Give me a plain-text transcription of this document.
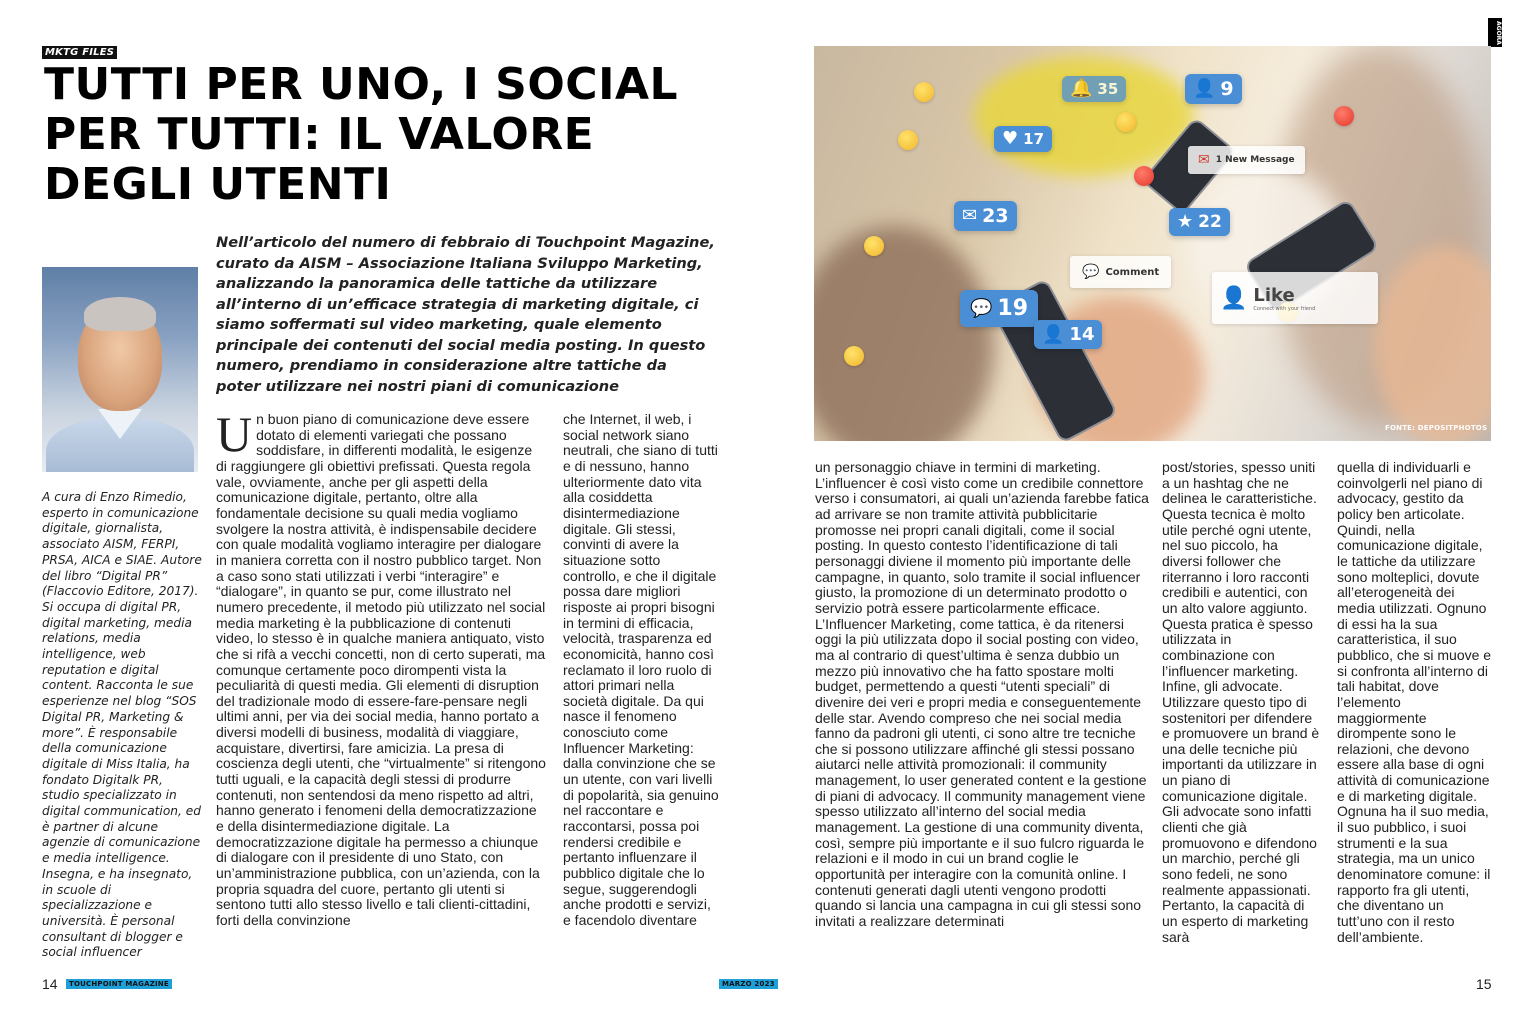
MKTG FILES
TUTTI PER UNO, I SOCIAL PER TUTTI: IL VALORE DEGLI UTENTI

Nell’articolo del numero di febbraio di Touchpoint Magazine, curato da AISM – Associazione Italiana Sviluppo Marketing, analizzando la panoramica delle tattiche da utilizzare all’interno di un’efficace strategia di marketing digitale, ci siamo soffermati sul video marketing, quale elemento principale dei contenuti del social media posting. In questo numero, prendiamo in considerazione altre tattiche da poter utilizzare nei nostri piani di comunicazione

A cura di Enzo Rimedio, esperto in comunicazione digitale, giornalista, associato AISM, FERPI, PRSA, AICA e SIAE. Autore del libro “Digital PR” (Flaccovio Editore, 2017). Si occupa di digital PR, digital marketing, media relations, media intelligence, web reputation e digital content. Racconta le sue esperienze nel blog “SOS Digital PR, Marketing & more”. È responsabile della comunicazione digitale di Miss Italia, ha fondato Digitalk PR, studio specializzato in digital communication, ed è partner di alcune agenzie di comunicazione e media intelligence. Insegna, e ha insegnato, in scuole di specializzazione e università. È personal consultant di blogger e social influencer

Un buon piano di comunicazione deve essere dotato di elementi variegati che possano soddisfare, in differenti modalità, le esigenze di raggiungere gli obiettivi prefissati. Questa regola vale, ovviamente, anche per gli aspetti della comunicazione digitale, pertanto, oltre alla fondamentale decisione su quali media vogliamo svolgere la nostra attività, è indispensabile decidere con quale modalità vogliamo interagire per dialogare in maniera corretta con il nostro pubblico target. Non a caso sono stati utilizzati i verbi “interagire” e “dialogare”, in quanto se pur, come illustrato nel numero precedente, il metodo più utilizzato nel social media marketing è la pubblicazione di contenuti video, lo stesso è in qualche maniera antiquato, visto che si rifà a vecchi concetti, non di certo superati, ma comunque certamente poco dirompenti vista la peculiarità di questi media. Gli elementi di disruption del tradizionale modo di essere-fare-pensare negli ultimi anni, per via dei social media, hanno portato a diversi modelli di business, modalità di viaggiare, acquistare, divertirsi, fare amicizia. La presa di coscienza degli utenti, che “virtualmente” si ritengono tutti uguali, e la capacità degli stessi di produrre contenuti, non sentendosi da meno rispetto ad altri, hanno generato i fenomeni della democratizzazione e della disintermediazione digitale. La democratizzazione digitale ha permesso a chiunque di dialogare con il presidente di uno Stato, con un’amministrazione pubblica, con un’azienda, con la propria squadra del cuore, pertanto gli utenti si sentono tutti allo stesso livello e tali clienti-cittadini, forti della convinzione

che Internet, il web, i social network siano neutrali, che siano di tutti e di nessuno, hanno ulteriormente dato vita alla cosiddetta disintermediazione digitale. Gli stessi, convinti di avere la situazione sotto controllo, e che il digitale possa dare migliori risposte ai propri bisogni in termini di efficacia, velocità, trasparenza ed economicità, hanno così reclamato il loro ruolo di attori primari nella società digitale. Da qui nasce il fenomeno conosciuto come Influencer Marketing: dalla convinzione che se un utente, con vari livelli di popolarità, sia genuino nel raccontare e raccontarsi, possa poi rendersi credibile e pertanto influenzare il pubblico digitale che lo segue, suggerendogli anche prodotti e servizi, e facendolo diventare

14	TOUCHPOINT MAGAZINE
AGORÀ
🔔 35	👤 9
♥ 17
✉ 23	★ 22
💬 19
👤 14
✉ 1 New Message
💬 Comment
👤 Like
Connect with your friend
FONTE: DEPOSITPHOTOS

un personaggio chiave in termini di marketing. L’influencer è così visto come un credibile connettore verso i consumatori, ai quali un’azienda farebbe fatica ad arrivare se non tramite attività pubblicitarie promosse nei propri canali digitali, come il social posting. In questo contesto l’identificazione di tali personaggi diviene il momento più importante delle campagne, in quanto, solo tramite il social influencer giusto, la promozione di un determinato prodotto o servizio potrà essere particolarmente efficace. L’Influencer Marketing, come tattica, è da ritenersi oggi la più utilizzata dopo il social posting con video, ma al contrario di quest’ultima è senza dubbio un mezzo più innovativo che ha fatto spostare molti budget, permettendo a questi “utenti speciali” di divenire dei veri e propri media e conseguentemente delle star. Avendo compreso che nei social media fanno da padroni gli utenti, ci sono altre tre tecniche che si possono utilizzare affinché gli stessi possano aiutarci nelle attività promozionali: il community management, lo user generated content e la gestione di piani di advocacy. Il community management viene spesso utilizzato all’interno del social media management. La gestione di una community diventa, così, sempre più importante e il suo fulcro riguarda le relazioni e il modo in cui un brand coglie le opportunità per interagire con la comunità online. I contenuti generati dagli utenti vengono prodotti quando si lancia una campagna in cui gli stessi sono invitati a realizzare determinati

post/stories, spesso uniti a un hashtag che ne delinea le caratteristiche. Questa tecnica è molto utile perché ogni utente, nel suo piccolo, ha diversi follower che riterranno i loro racconti credibili e autentici, con un alto valore aggiunto. Questa pratica è spesso utilizzata in combinazione con l’influencer marketing. Infine, gli advocate. Utilizzare questo tipo di sostenitori per difendere e promuovere un brand è una delle tecniche più importanti da utilizzare in un piano di comunicazione digitale. Gli advocate sono infatti clienti che già promuovono e difendono un marchio, perché gli sono fedeli, ne sono realmente appassionati. Pertanto, la capacità di un esperto di marketing sarà

quella di individuarli e coinvolgerli nel piano di advocacy, gestito da policy ben articolate. Quindi, nella comunicazione digitale, le tattiche da utilizzare sono molteplici, dovute all’eterogeneità dei media utilizzati. Ognuno di essi ha la sua caratteristica, il suo pubblico, che si muove e si confronta all’interno di tali habitat, dove l’elemento maggiormente dirompente sono le relazioni, che devono essere alla base di ogni attività di comunicazione e di marketing digitale. Ognuna ha il suo media, il suo pubblico, i suoi strumenti e la sua strategia, ma un unico denominatore comune: il rapporto fra gli utenti, che diventano un tutt’uno con il resto dell’ambiente.

MARZO 2023	15
